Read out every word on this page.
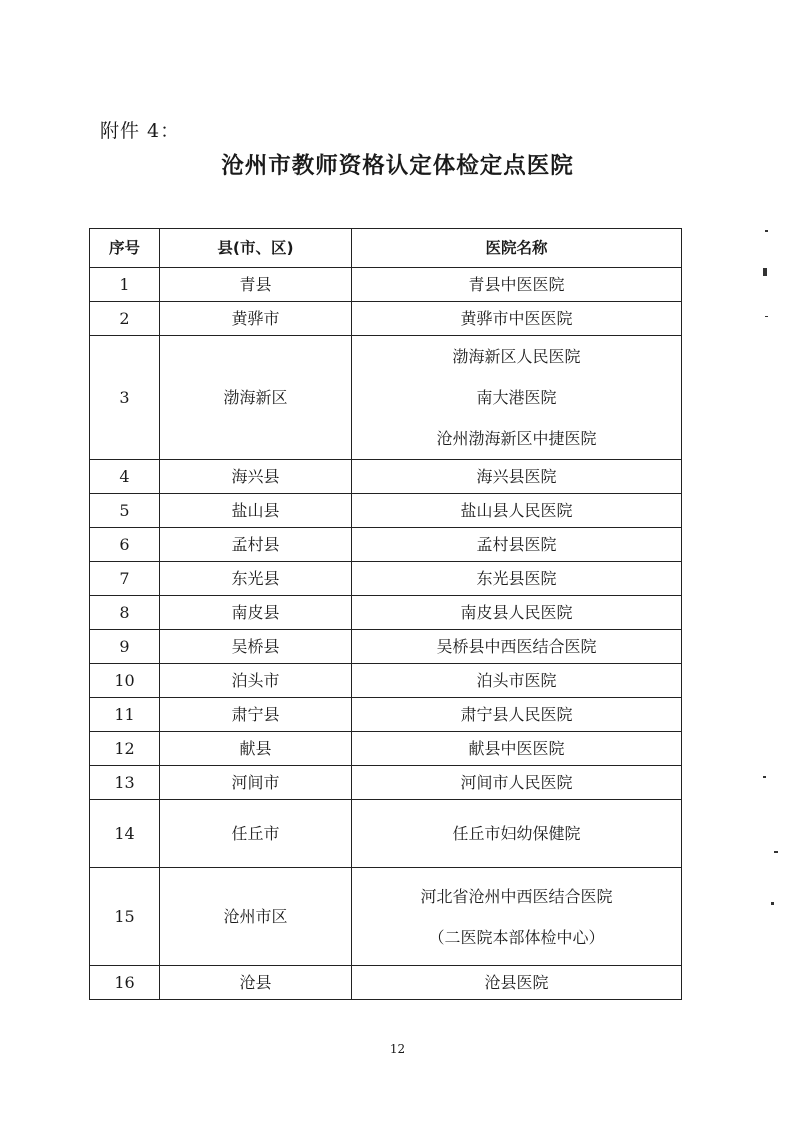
附件 4：
沧州市教师资格认定体检定点医院
序号	县(市、区)	医院名称
1	青县	青县中医医院
2	黄骅市	黄骅市中医医院
3	渤海新区	渤海新区人民医院
南大港医院
沧州渤海新区中捷医院

4	海兴县	海兴县医院
5	盐山县	盐山县人民医院
6	孟村县	孟村县医院
7	东光县	东光县医院
8	南皮县	南皮县人民医院
9	吴桥县	吴桥县中西医结合医院
10	泊头市	泊头市医院
11	肃宁县	肃宁县人民医院
12	献县	献县中医医院
13	河间市	河间市人民医院
14	任丘市	任丘市妇幼保健院
15	沧州市区	河北省沧州中西医结合医院
（二医院本部体检中心）

16	沧县	沧县医院
12
